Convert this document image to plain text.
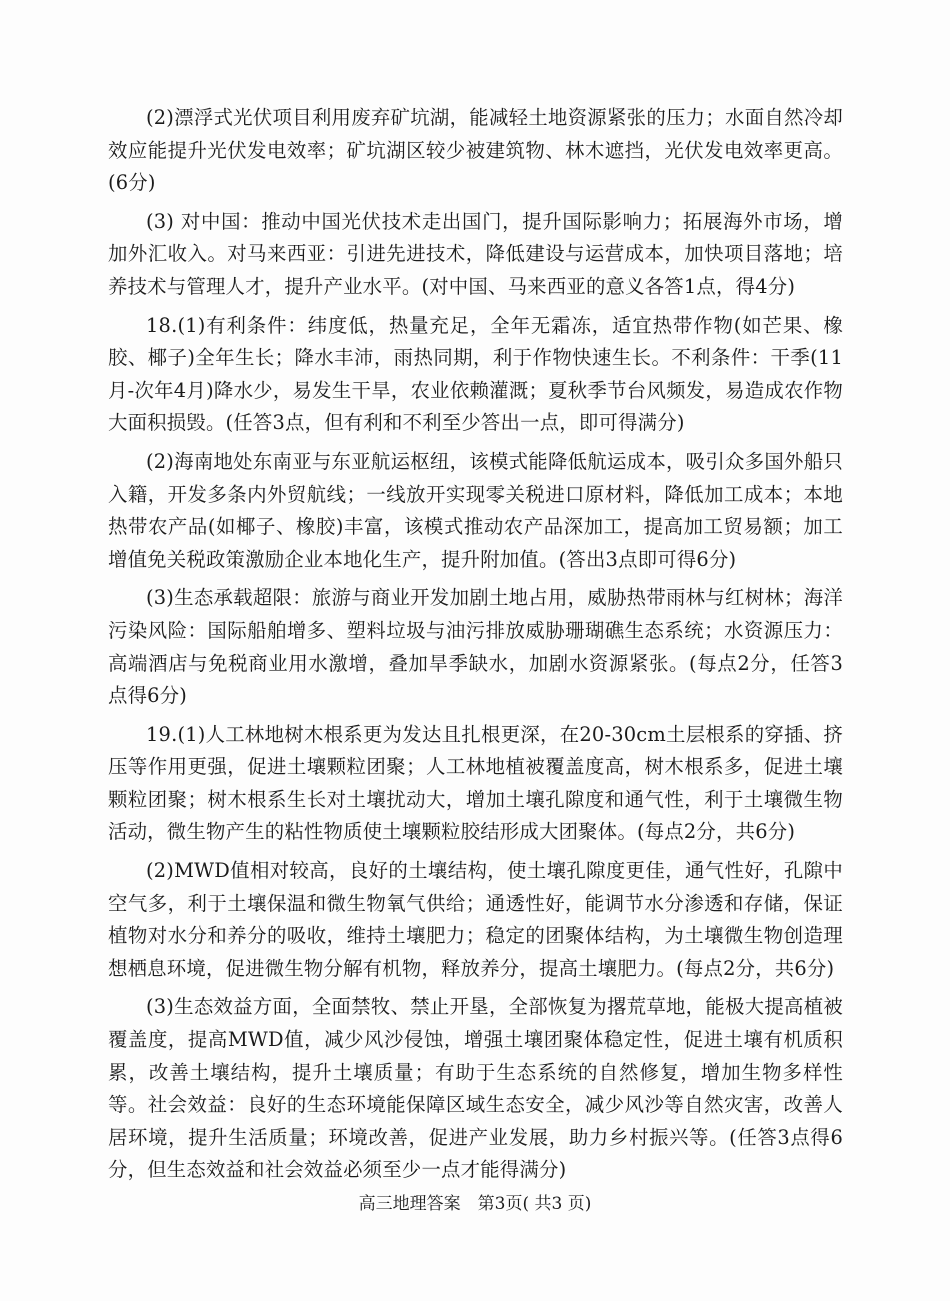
(2)漂浮式光伏项目利用废弃矿坑湖，能减轻土地资源紧张的压力；水面自然冷却效应能提升光伏发电效率；矿坑湖区较少被建筑物、林木遮挡，光伏发电效率更高。(6分)

(3) 对中国：推动中国光伏技术走出国门，提升国际影响力；拓展海外市场，增加外汇收入。对马来西亚：引进先进技术，降低建设与运营成本，加快项目落地；培养技术与管理人才，提升产业水平。(对中国、马来西亚的意义各答1点，得4分)

18.(1)有利条件：纬度低，热量充足，全年无霜冻，适宜热带作物(如芒果、橡胶、椰子)全年生长；降水丰沛，雨热同期，利于作物快速生长。不利条件：干季(11月-次年4月)降水少，易发生干旱，农业依赖灌溉；夏秋季节台风频发，易造成农作物大面积损毁。(任答3点，但有利和不利至少答出一点，即可得满分)

(2)海南地处东南亚与东亚航运枢纽，该模式能降低航运成本，吸引众多国外船只入籍，开发多条内外贸航线；一线放开实现零关税进口原材料，降低加工成本；本地热带农产品(如椰子、橡胶)丰富，该模式推动农产品深加工，提高加工贸易额；加工增值免关税政策激励企业本地化生产，提升附加值。(答出3点即可得6分)

(3)生态承载超限：旅游与商业开发加剧土地占用，威胁热带雨林与红树林；海洋污染风险：国际船舶增多、塑料垃圾与油污排放威胁珊瑚礁生态系统；水资源压力：高端酒店与免税商业用水激增，叠加旱季缺水，加剧水资源紧张。(每点2分，任答3点得6分)

19.(1)人工林地树木根系更为发达且扎根更深，在20-30cm土层根系的穿插、挤压等作用更强，促进土壤颗粒团聚；人工林地植被覆盖度高，树木根系多，促进土壤颗粒团聚；树木根系生长对土壤扰动大，增加土壤孔隙度和通气性，利于土壤微生物活动，微生物产生的粘性物质使土壤颗粒胶结形成大团聚体。(每点2分，共6分)

(2)MWD值相对较高，良好的土壤结构，使土壤孔隙度更佳，通气性好，孔隙中空气多，利于土壤保温和微生物氧气供给；通透性好，能调节水分渗透和存储，保证植物对水分和养分的吸收，维持土壤肥力；稳定的团聚体结构，为土壤微生物创造理想栖息环境，促进微生物分解有机物，释放养分，提高土壤肥力。(每点2分，共6分)

(3)生态效益方面，全面禁牧、禁止开垦，全部恢复为撂荒草地，能极大提高植被覆盖度，提高MWD值，减少风沙侵蚀，增强土壤团聚体稳定性，促进土壤有机质积累，改善土壤结构，提升土壤质量；有助于生态系统的自然修复，增加生物多样性等。社会效益：良好的生态环境能保障区域生态安全，减少风沙等自然灾害，改善人居环境，提升生活质量；环境改善，促进产业发展，助力乡村振兴等。(任答3点得6分，但生态效益和社会效益必须至少一点才能得满分)

高三地理答案　第3页( 共3 页)
